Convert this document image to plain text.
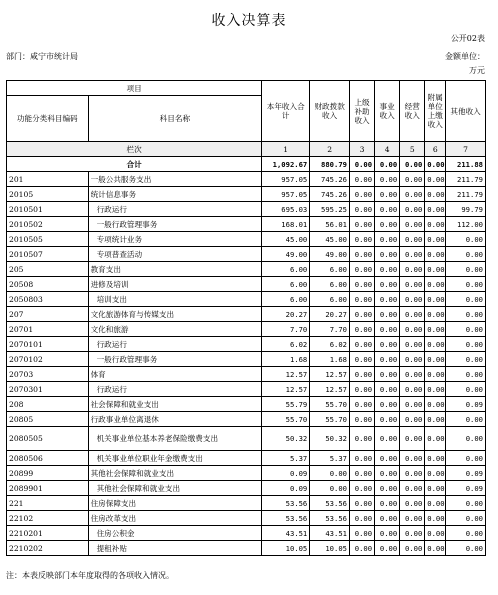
收入决算表
公开02表
部门：咸宁市统计局	金额单位：万元
项目		本年收入合计	财政拨款收入	上级补助收入	事业收入	经营收入	附属单位上缴收入	其他收入
功能分类科目编码	科目名称							
栏次		1	2	3	4	5	6	7
合计		1,092.67	880.79	0.00	0.00	0.00	0.00	211.88
201	一般公共服务支出	957.05	745.26	0.00	0.00	0.00	0.00	211.79
20105	统计信息事务	957.05	745.26	0.00	0.00	0.00	0.00	211.79
2010501	行政运行	695.03	595.25	0.00	0.00	0.00	0.00	99.79
2010502	一般行政管理事务	168.01	56.01	0.00	0.00	0.00	0.00	112.00
2010505	专项统计业务	45.00	45.00	0.00	0.00	0.00	0.00	0.00
2010507	专项普查活动	49.00	49.00	0.00	0.00	0.00	0.00	0.00
205	教育支出	6.00	6.00	0.00	0.00	0.00	0.00	0.00
20508	进修及培训	6.00	6.00	0.00	0.00	0.00	0.00	0.00
2050803	培训支出	6.00	6.00	0.00	0.00	0.00	0.00	0.00
207	文化旅游体育与传媒支出	20.27	20.27	0.00	0.00	0.00	0.00	0.00
20701	文化和旅游	7.70	7.70	0.00	0.00	0.00	0.00	0.00
2070101	行政运行	6.02	6.02	0.00	0.00	0.00	0.00	0.00
2070102	一般行政管理事务	1.68	1.68	0.00	0.00	0.00	0.00	0.00
20703	体育	12.57	12.57	0.00	0.00	0.00	0.00	0.00
2070301	行政运行	12.57	12.57	0.00	0.00	0.00	0.00	0.00
208	社会保障和就业支出	55.79	55.70	0.00	0.00	0.00	0.00	0.09
20805	行政事业单位离退休	55.70	55.70	0.00	0.00	0.00	0.00	0.00
2080505	机关事业单位基本养老保险缴费支出	50.32	50.32	0.00	0.00	0.00	0.00	0.00
2080506	机关事业单位职业年金缴费支出	5.37	5.37	0.00	0.00	0.00	0.00	0.00
20899	其他社会保障和就业支出	0.09	0.00	0.00	0.00	0.00	0.00	0.09
2089901	其他社会保障和就业支出	0.09	0.00	0.00	0.00	0.00	0.00	0.09
221	住房保障支出	53.56	53.56	0.00	0.00	0.00	0.00	0.00
22102	住房改革支出	53.56	53.56	0.00	0.00	0.00	0.00	0.00
2210201	住房公积金	43.51	43.51	0.00	0.00	0.00	0.00	0.00
2210202	提租补贴	10.05	10.05	0.00	0.00	0.00	0.00	0.00
注：本表反映部门本年度取得的各项收入情况。
